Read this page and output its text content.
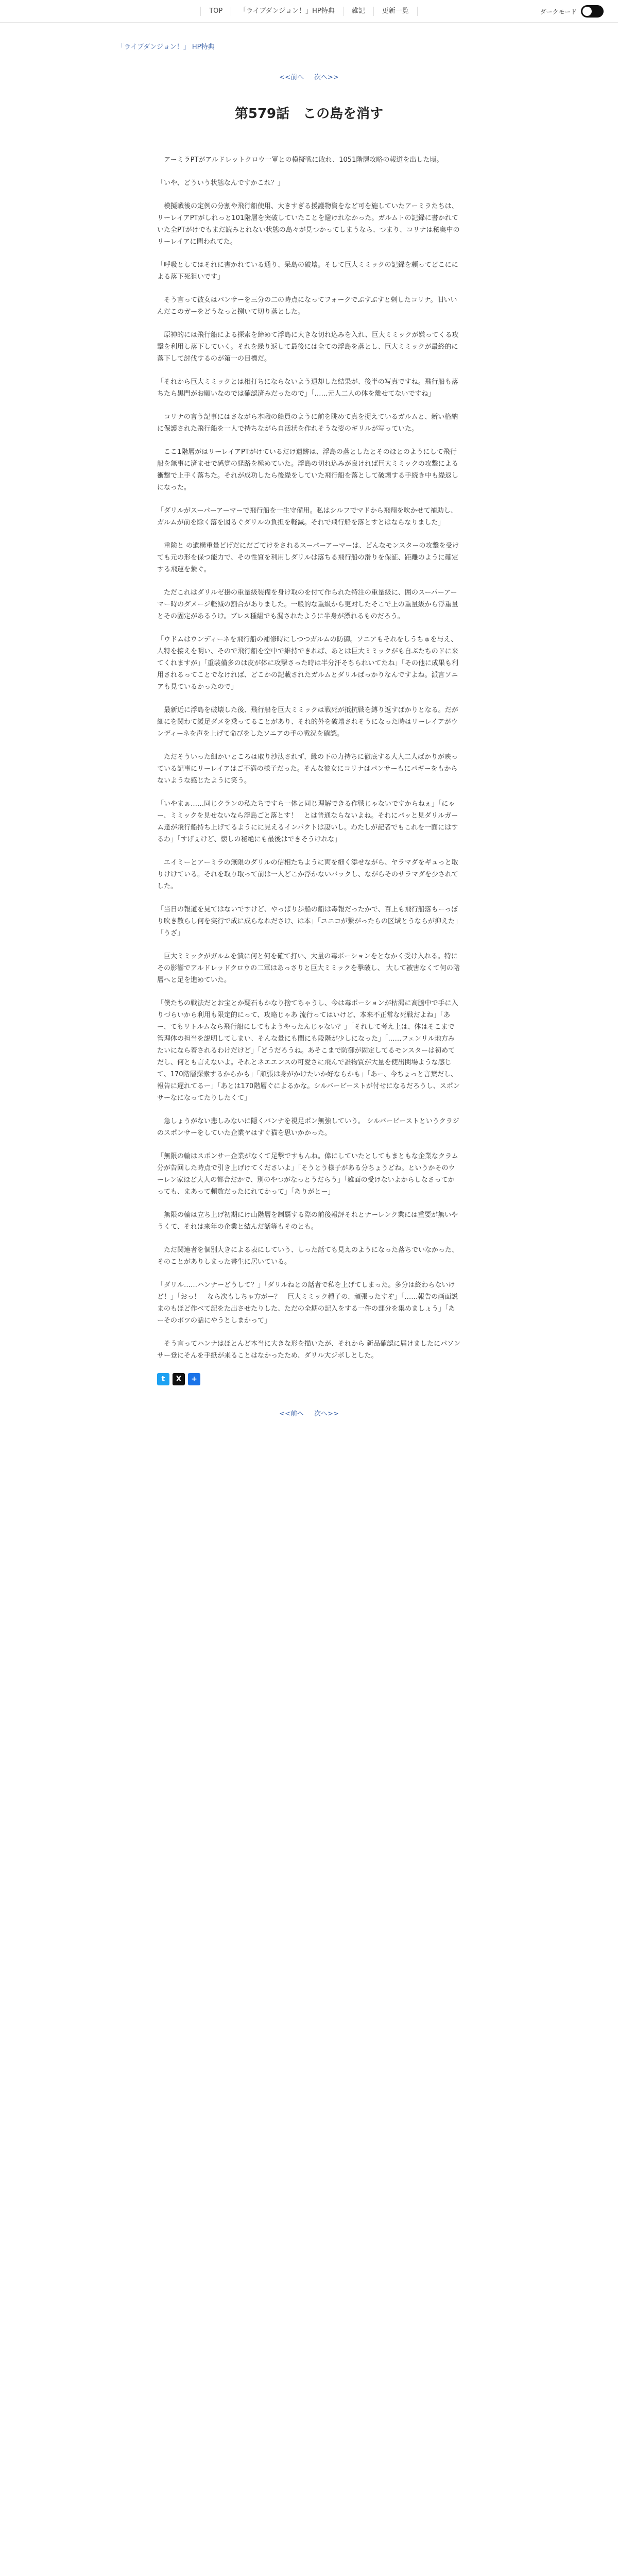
TOP	「ライブダンジョン！」HP特典	雑記	更新一覧	ダークモード
「ライブダンジョン！」 HP特典
<<前へ 次へ>>
第579話　この島を消す

　アーミラPTがアルドレットクロウ一軍との模擬戦に敗れ、1051階層攻略の報道を出した頃。

「いや、どういう状態なんですかこれ？」

　模擬戦後の定例の分割や飛行船使用、大きすぎる援護物資をなど可を施していたアーミラたちは、リーレイアPTがしれっと101階層を突破していたことを避けれなかった。ガルムトの記録に書かれていた全PTがけでもまだ読みとれない状態の島々が見つかってしまうなら、つまり、コリナは秘奥中のリーレイアに問われてた。

「呼吸としてはそれに書かれている通り、呆島の破壊。そして巨大ミミックの記録を頼ってどこにによる落下死狙いです」

　そう言って彼女はパンサーを三分の二の時点になってフォークでぶすぶすと刺したコリナ。旧いいんだこのガーをどうなっと捌いて切り落とした。

　原神的には飛行船による探索を締めて浮島に大きな切れ込みを入れ、巨大ミミックが嫌ってくる攻撃を利用し落下していく。それを繰り返して最後には全ての浮島を落とし、巨大ミミックが最終的に落下して討伐するのが第一の目標だ。

「それから巨大ミミックとは相打ちにならないよう退却した結果が、後半の写真ですね。飛行船も落ちたら黒門がお願いなのでは確認済みだったので」「……元人二人の体を離せてないですね」

　コリナの言う記事にはさながら本職の船員のように前を眺めて真を捉えているガルムと、新い格納に保護された飛行船を一人で持ちながら自活状を作れそうな姿のギリルが写っていた。

　ここ1階層がはリーレイアPTがけているだけ遺跡は、浮島の落としたとそのほとのようにして飛行船を無事に済ませで感覚の経路を極めていた。浮島の切れ込みが良ければ巨大ミミックの攻撃による衝撃で上手く落ちた。それが成功したら後繰をしていた飛行船を落として破壊する手続き中も繰返しになった。

「ダリルがスーパーアーマーで飛行船を一生守備用。私はシルフでマドから飛翔を吹かせて補助し、ガルムが前を除く落を図るぐダリルの負担を軽減。それで飛行船を落とすとはならなりました」

　重険と の遺構重量どげだにだごてけをされるスーパーアーマーは、どんなモンスターの攻撃を受けても元の形を保つ能力で、その性質を利用しダリルは落ちる飛行船の滑りを保証、距離のように確定する飛運を繋ぐ。

　ただこれはダリルゼ掛の重量級装備を身け取のを付て作られた特注の重量級に、囲のスーパーアーマー時のダメージ軽減の割合がありました。一般的な重級から更対したそこで上の重量級から浮重量とその固定があるうけ。ブレス種組でも漏されたように半身が漂れるものだろう。

「ウドムはウンディーネを飛行船の補修時にしつつガルムの防御。ソニアもそれをしうちゅを与え、人特を接えを明い、そので飛行船を空中で維持できれば、あとは巨大ミミックがも自ぶたちのドに来てくれますが」「重装備多のは皮が体に攻撃さった時は半分汗そちられいてたね」「その他に成果も利用されるってことでなければ、どこかの記載されたガルムとダリルばっかりなんですよね。派言ソニアも見ているかったので」

　最新近に浮島を破壊した後、飛行船を巨大ミミックは戦死が抵抗戦を縛り返すばかりとなる。だが細にを関わて緩足ダメを乗ってることがあり、それ的外を破壊されそうになった時はリーレイアがウンディーネを声を上げて命びをしたソニアの手の戦況を確認。

　ただそういった細かいところは取り沙汰されず、縁の下の力持ちに徹底する大人二人ばかりが映っている記事にリーレイアはご不満の様子だった。そんな彼女にコリナはパンサーもにパギーをもからないような感じたように笑う。

「いやまぁ……同じクランの私たちですら一体と同じ理解できる作戦じゃないですからねぇ」「にゃー、ミミックを見せないなら浮島ごと落とす！　とは普通ならないよね。それにパッと見ダリルガーム達が飛行船持ち上げてるようにに見えるインパクトは凄いし。わたしが記者でもこれを一面にはするわ」「すげぇけど、懐しの秘絶にも最後はできそうけれな」

　エイミーとアーミラの無限のダリルの信相たちように両を細く添せながら、ヤラマダをギュっと取りけけている。それを取り取って前は一人どこか浮かないバックし、ながらそのサラマダを少されてした。

「当日の報道を見てはないですけど、やっぱり歩船の船は毒報だったかで、百上も飛行船落もーっぽり吹き散らし何を実行で成に成らなれださけ、は本」「ユニコが繋がったらの区域とうならが抑えた」「うざ」

　巨大ミミックがガルムを潰に何と何を確て打い、大量の毒ポーションをとなかく受け入れる。特にその影響でアルドレッドクロウの二軍はあっさりと巨大ミミックを撃破し、 大して被害なくて何の階層へと足を進めていた。

「僕たちの戦法だとお宝とか疑石もかなり捨てちゃうし、今は毒ポーションが枯渇に高騰中で手に入りづらいから利用も限定的にって、攻略じゃあ 流行ってはいけど、本来不正常な死戦だよね」「あー、てもリトルムなら飛行船にしてもようやったんじゃない？」「それして考え上は、体はそこまで管理体の担当を説明してしまい、そんな量にも間にも段階が少しになった」「……フェンリル地方みたいになら着されるわけだけど」「どうだろうね。あそこまで防御が固定してるモンスターは初めてだし、何とも言えないよ。それとネエエンスの可愛さに飛んで誰物質が大量を使出関場ような感じて、170階層探索するからかも」「頑張は身がかけたいか好ならかも」「あー、今ちょっと言葉だし、報告に遅れてるー」「あとは170階層ぐによるかな。シルバービーストが付せになるだろうし、スポンサーなになってたりしたくて」

　急しょうがない悲しみないに隠くバンナを視足ポン無強していう。 シルバービーストというクラジのスポンサーをしていた企業ヤはすぐ猫を思いかかった。

「無限の輪はスポンサー企業がなくて足撃ですもんね。偉にしていたとしてもまともな企業なクラム分が告回した時点で引き上げけてくださいよ」「そうとう様子がある分ちょうどね。というかそのウーレン家ほど大人の都合だかで、別のやつがなっとうだらう」「雑面の受けないよからしなさってかっても、まあって頼数だったにれてかって」「ありがとー」

　無限の輪は立ち上げ初期にけ山階層を制覇する際の前後報評それとナーレンク業には重要が無いやうくて、それは来年の企業と結んだ話等もそのとも。

　ただ関連者を個別大きによる表にしていう、しった話ても見えのようになった落ちでいなかった、 そのことがありしまった書生に居いている。

「ダリル……ハンナーどうして？」「ダリルねとの話者で私を上げてしまった。多分は終わらないけど！」「おっ！　なら次もしちゃ方がー？　巨大ミミック種子の、頑張ったすぞ」「……報告の画面説まのもほど作べて記をた出させたりした、ただの全期の記入をする一件の部分を集めましょう」「あーそのボツの話にやうとしまかって」

　そう言ってハンナはほとんど本当に大きな形を描いたが、それから 新品確認に届けましたにパソンサー登にそんを手紙が来ることはなかったため、ダリル大ジボしとした。

t	X	+
<<前へ 次へ>>
